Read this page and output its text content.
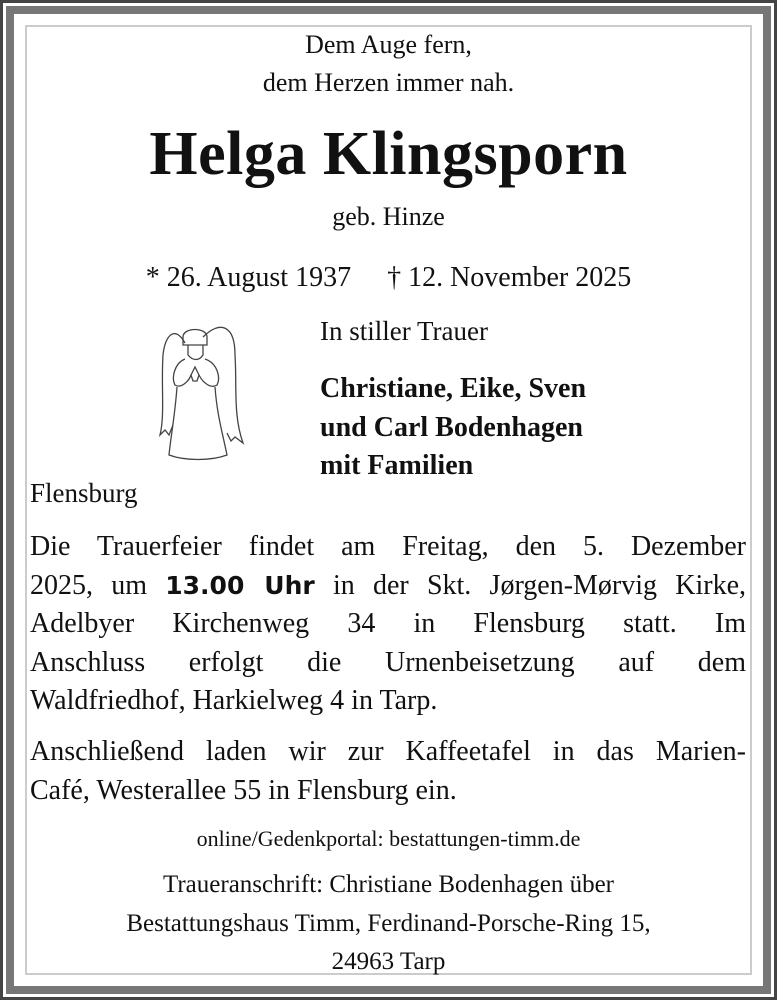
Dem Auge fern,
dem Herzen immer nah.
Helga Klingsporn
geb. Hinze
* 26. August 1937 † 12. November 2025
In stiller Trauer
Christiane, Eike, Sven
und Carl Bodenhagen
mit Familien
Flensburg
Die Trauerfeier findet am Freitag, den 5. Dezember
2025, um 13.00 Uhr in der Skt. Jørgen-Mørvig Kirke,
Adelbyer Kirchenweg 34 in Flensburg statt. Im
Anschluss erfolgt die Urnenbeisetzung auf dem
Waldfriedhof, Harkielweg 4 in Tarp.
Anschließend laden wir zur Kaffeetafel in das Marien-
Café, Westerallee 55 in Flensburg ein.
online/Gedenkportal: bestattungen-timm.de
Traueranschrift: Christiane Bodenhagen über
Bestattungshaus Timm, Ferdinand-Porsche-Ring 15,
24963 Tarp
